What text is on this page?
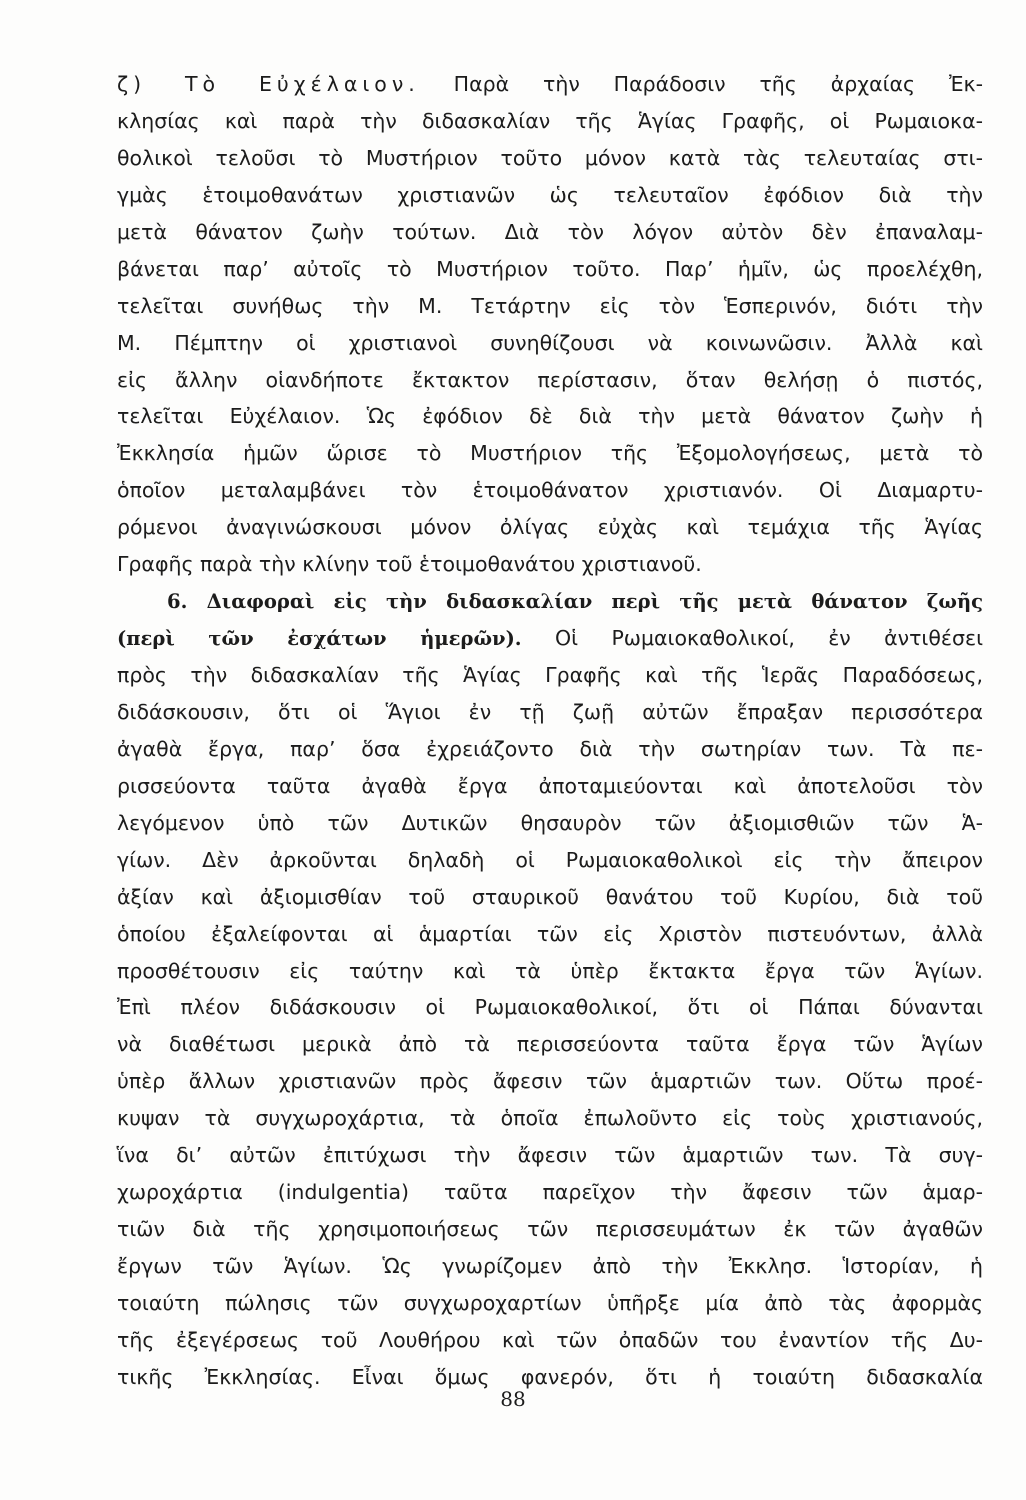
ζ) Τὸ Εὐχέλαιον. Παρὰ τὴν Παράδοσιν τῆς ἀρχαίας Ἐκ-
κλησίας καὶ παρὰ τὴν διδασκαλίαν τῆς Ἁγίας Γραφῆς, οἱ Ρωμαιοκα-
θολικοὶ τελοῦσι τὸ Μυστήριον τοῦτο μόνον κατὰ τὰς τελευταίας στι-
γμὰς ἑτοιμοθανάτων χριστιανῶν ὡς τελευταῖον ἐφόδιον διὰ τὴν
μετὰ θάνατον ζωὴν τούτων. Διὰ τὸν λόγον αὐτὸν δὲν ἐπαναλαμ-
βάνεται παρ’ αὐτοῖς τὸ Μυστήριον τοῦτο. Παρ’ ἡμῖν, ὡς προελέχθη,
τελεῖται συνήθως τὴν Μ. Τετάρτην εἰς τὸν Ἑσπερινόν, διότι τὴν
Μ. Πέμπτην οἱ χριστιανοὶ συνηθίζουσι νὰ κοινωνῶσιν. Ἀλλὰ καὶ
εἰς ἄλλην οἱανδήποτε ἔκτακτον περίστασιν, ὅταν θελήσῃ ὁ πιστός,
τελεῖται Εὐχέλαιον. Ὡς ἐφόδιον δὲ διὰ τὴν μετὰ θάνατον ζωὴν ἡ
Ἐκκλησία ἡμῶν ὥρισε τὸ Μυστήριον τῆς Ἐξομολογήσεως, μετὰ τὸ
ὁποῖον μεταλαμβάνει τὸν ἑτοιμοθάνατον χριστιανόν. Οἱ Διαμαρτυ-
ρόμενοι ἀναγινώσκουσι μόνον ὀλίγας εὐχὰς καὶ τεμάχια τῆς Ἁγίας
Γραφῆς παρὰ τὴν κλίνην τοῦ ἑτοιμοθανάτου χριστιανοῦ.
6. Διαφοραὶ εἰς τὴν διδασκαλίαν περὶ τῆς μετὰ θάνατον ζωῆς
(περὶ τῶν ἐσχάτων ἡμερῶν). Οἱ Ρωμαιοκαθολικοί, ἐν ἀντιθέσει
πρὸς τὴν διδασκαλίαν τῆς Ἁγίας Γραφῆς καὶ τῆς Ἱερᾶς Παραδόσεως,
διδάσκουσιν, ὅτι οἱ Ἅγιοι ἐν τῇ ζωῇ αὐτῶν ἔπραξαν περισσότερα
ἀγαθὰ ἔργα, παρ’ ὅσα ἐχρειάζοντο διὰ τὴν σωτηρίαν των. Τὰ πε-
ρισσεύοντα ταῦτα ἀγαθὰ ἔργα ἀποταμιεύονται καὶ ἀποτελοῦσι τὸν
λεγόμενον ὑπὸ τῶν Δυτικῶν θησαυρὸν τῶν ἀξιομισθιῶν τῶν Ἁ-
γίων. Δὲν ἀρκοῦνται δηλαδὴ οἱ Ρωμαιοκαθολικοὶ εἰς τὴν ἄπειρον
ἀξίαν καὶ ἀξιομισθίαν τοῦ σταυρικοῦ θανάτου τοῦ Κυρίου, διὰ τοῦ
ὁποίου ἐξαλείφονται αἱ ἁμαρτίαι τῶν εἰς Χριστὸν πιστευόντων, ἀλλὰ
προσθέτουσιν εἰς ταύτην καὶ τὰ ὑπὲρ ἔκτακτα ἔργα τῶν Ἁγίων.
Ἐπὶ πλέον διδάσκουσιν οἱ Ρωμαιοκαθολικοί, ὅτι οἱ Πάπαι δύνανται
νὰ διαθέτωσι μερικὰ ἀπὸ τὰ περισσεύοντα ταῦτα ἔργα τῶν Ἁγίων
ὑπὲρ ἄλλων χριστιανῶν πρὸς ἄφεσιν τῶν ἁμαρτιῶν των. Οὕτω προέ-
κυψαν τὰ συγχωροχάρτια, τὰ ὁποῖα ἐπωλοῦντο εἰς τοὺς χριστιανούς,
ἵνα δι’ αὐτῶν ἐπιτύχωσι τὴν ἄφεσιν τῶν ἁμαρτιῶν των. Τὰ συγ-
χωροχάρτια (indulgentia) ταῦτα παρεῖχον τὴν ἄφεσιν τῶν ἁμαρ-
τιῶν διὰ τῆς χρησιμοποιήσεως τῶν περισσευμάτων ἐκ τῶν ἀγαθῶν
ἔργων τῶν Ἁγίων. Ὡς γνωρίζομεν ἀπὸ τὴν Ἐκκλησ. Ἱστορίαν, ἡ
τοιαύτη πώλησις τῶν συγχωροχαρτίων ὑπῆρξε μία ἀπὸ τὰς ἀφορμὰς
τῆς ἐξεγέρσεως τοῦ Λουθήρου καὶ τῶν ὀπαδῶν του ἐναντίον τῆς Δυ-
τικῆς Ἐκκλησίας. Εἶναι ὅμως φανερόν, ὅτι ἡ τοιαύτη διδασκαλία
88
